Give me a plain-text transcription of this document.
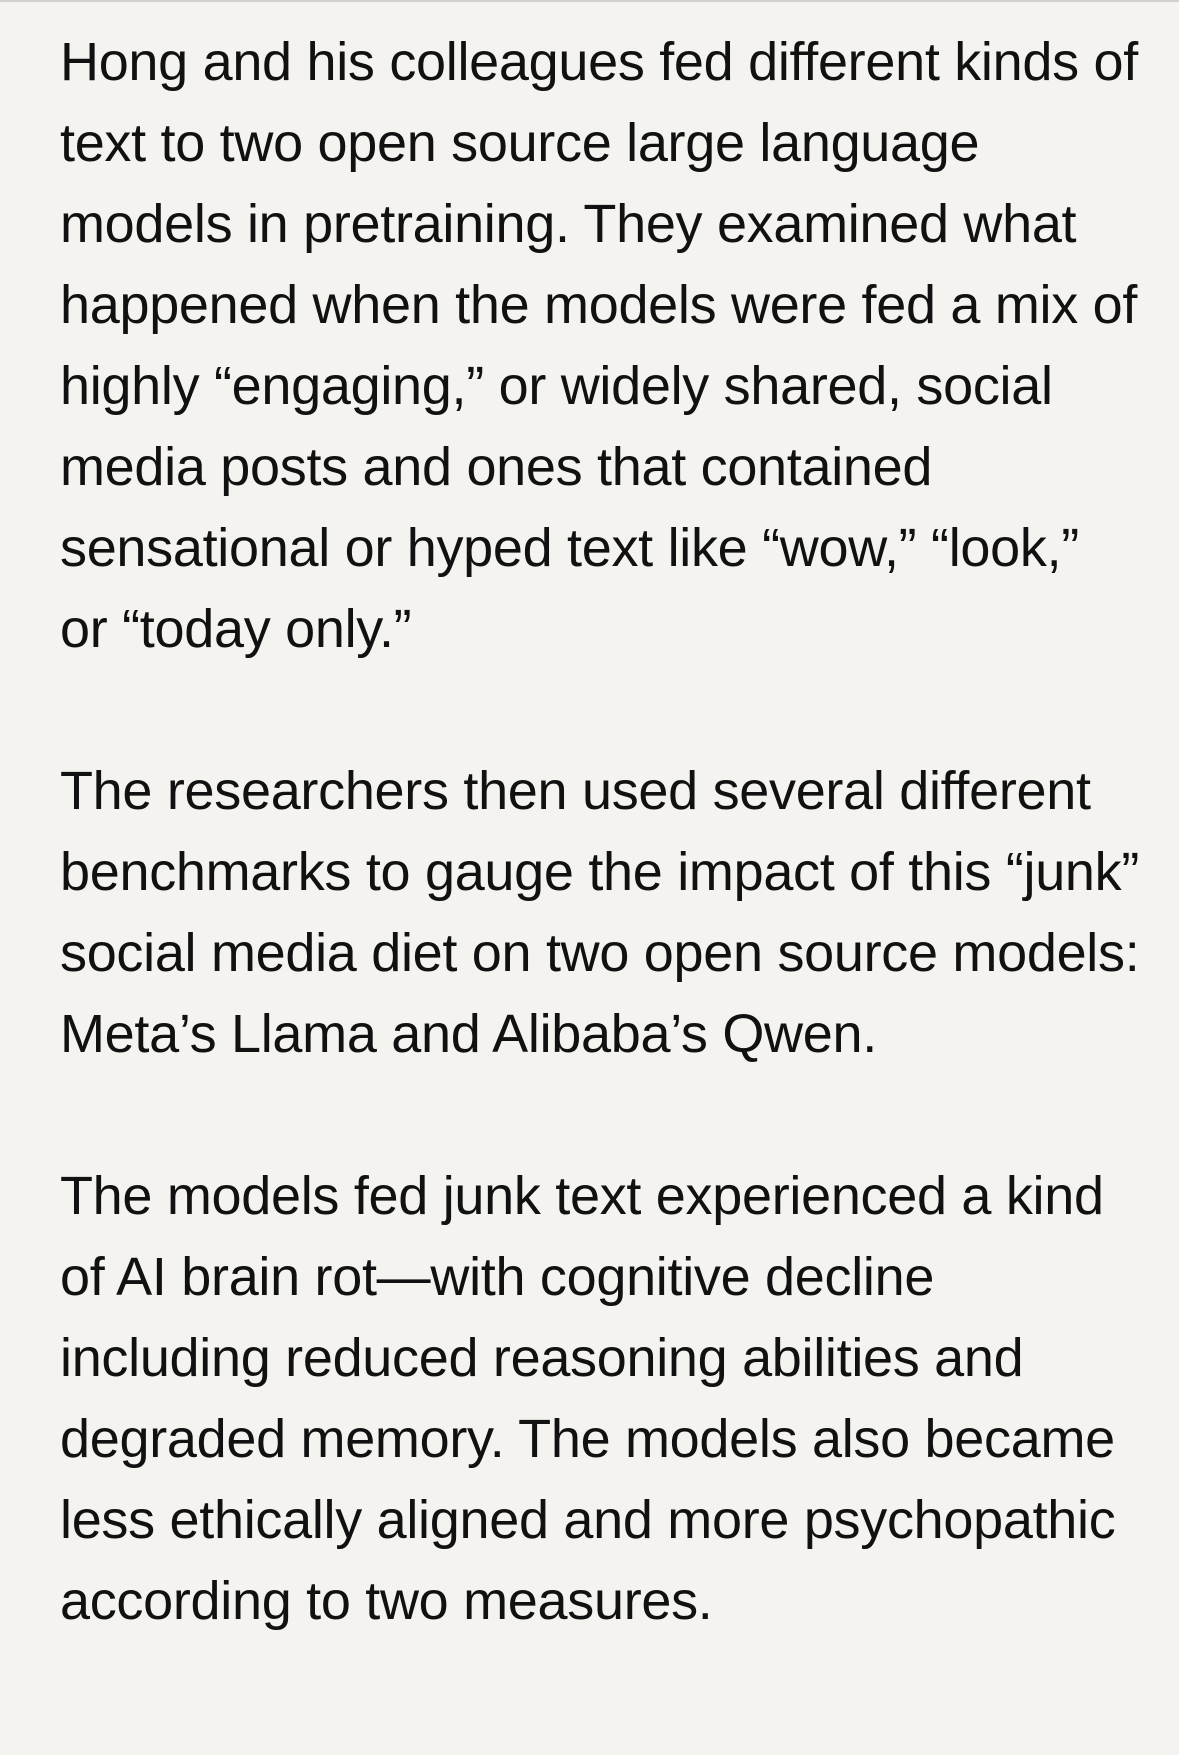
Hong and his colleagues fed different kinds of text to two open source large language models in pretraining. They examined what happened when the models were fed a mix of highly “engaging,” or widely shared, social media posts and ones that contained sensational or hyped text like “wow,” “look,” or “today only.”

The researchers then used several different benchmarks to gauge the impact of this “junk” social media diet on two open source models: Meta’s Llama and Alibaba’s Qwen.

The models fed junk text experienced a kind of AI brain rot—with cognitive decline including reduced reasoning abilities and degraded memory. The models also became less ethically aligned and more psychopathic according to two measures.
